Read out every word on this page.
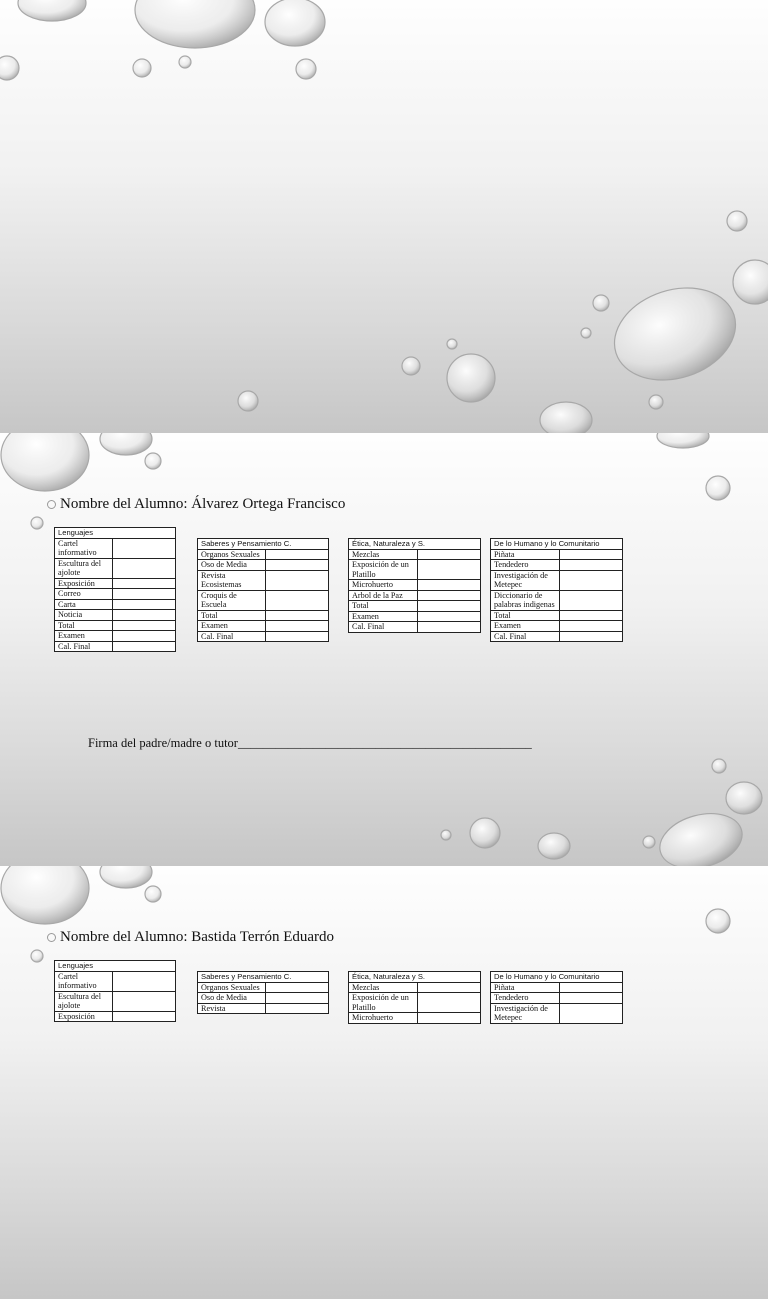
Nombre del Alumno: Álvarez Ortega Francisco
Lenguajes	
Cartel informativo	
Escultura del ajolote	
Exposición	
Correo	
Carta	
Noticia	
Total	
Examen	
Cal. Final	
Saberes y Pensamiento C.	
Organos Sexuales	
Oso de Media	
Revista Ecosistemas	
Croquis de Escuela	
Total	
Examen	
Cal. Final	
Ética, Naturaleza y S.	
Mezclas	
Exposición de un Platillo	
Microhuerto	
Arbol de la Paz	
Total	
Examen	
Cal. Final	
De lo Humano y lo Comunitario	
Piñata	
Tendedero	
Investigación de Metepec	
Diccionario de palabras indigenas	
Total	
Examen	
Cal. Final	
Firma del padre/madre o tutor_______________________________________________
Nombre del Alumno: Bastida Terrón Eduardo
Lenguajes	
Cartel informativo	
Escultura del ajolote	
Exposición	
Saberes y Pensamiento C.	
Organos Sexuales	
Oso de Media	
Revista	
Ética, Naturaleza y S.	
Mezclas	
Exposición de un Platillo	
Microhuerto	
De lo Humano y lo Comunitario	
Piñata	
Tendedero	
Investigación de Metepec	
